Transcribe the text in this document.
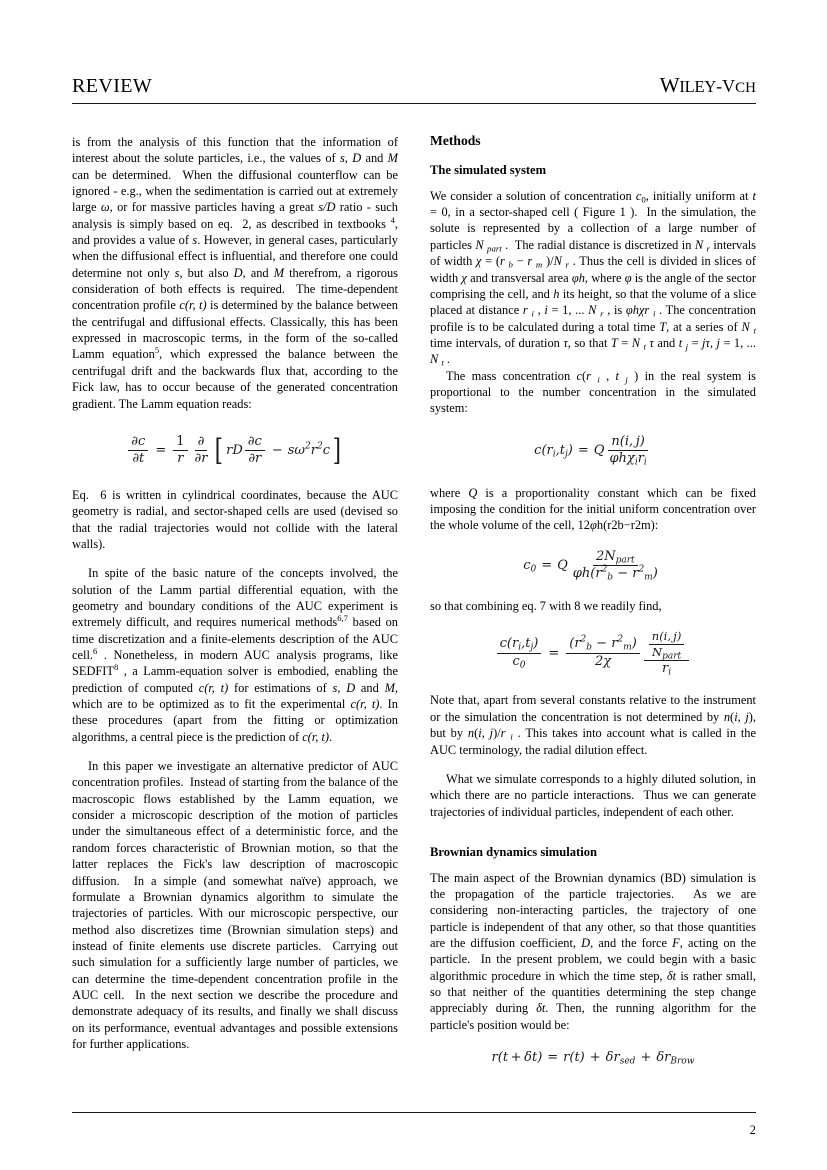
REVIEW	WILEY-VCH

is from the analysis of this function that the information of interest about the solute particles, i.e., the values of s, D and M can be determined.  When the diffusional counterflow can be ignored - e.g., when the sedimentation is carried out at extremely large ω, or for massive particles having a great s/D ratio - such analysis is simply based on eq.  2, as described in textbooks $^4$, and provides a value of s. However, in general cases, particularly when the diffusional effect is influential, and therefore one could determine not only s, but also D, and M therefrom, a rigorous consideration of both effects is required.  The time-dependent concentration profile c(r, t) is determined by the balance between the centrifugal and diffusional effects. Classically, this has been expressed in macroscopic terms, in the form of the so-called Lamm equation$^5$, which expressed the balance between the centrifugal drift and the backwards flux that, according to the Fick law, has to occur because of the generated concentration gradient. The Lamm equation reads:

$\frac{\partial c}{\partial t} = \frac{1}{r} \frac{\partial}{\partial r}$ [ rD $\frac{\partial c}{\partial r} - s\omega^2r^2c$ ]

Eq.  6 is written in cylindrical coordinates, because the AUC geometry is radial, and sector-shaped cells are used (devised so that the radial trajectories would not collide with the lateral walls).

In spite of the basic nature of the concepts involved, the solution of the Lamm partial differential equation, with the geometry and boundary conditions of the AUC experiment is extremely difficult, and requires numerical methods$^{6,7}$ based on time discretization and a finite-elements description of the AUC cell.$^6$ . Nonetheless, in modern AUC analysis programs, like SEDFIT$^8$ , a Lamm-equation solver is embodied, enabling the prediction of computed c(r, t) for estimations of s, D and M, which are to be optimized as to fit the experimental c(r, t). In these procedures (apart from the fitting or optimization algorithms, a central piece is the prediction of c(r, t).

In this paper we investigate an alternative predictor of AUC concentration profiles.  Instead of starting from the balance of the macroscopic flows established by the Lamm equation, we consider a microscopic description of the motion of particles under the simultaneous effect of a deterministic force, and the random forces characteristic of Brownian motion, so that the latter replaces the Fick's law description of macroscopic diffusion.  In a simple (and somewhat naïve) approach, we formulate a Brownian dynamics algorithm to simulate the trajectories of particles. With our microscopic perspective, our method also discretizes time (Brownian simulation steps) and instead of finite elements use discrete particles.  Carrying out such simulation for a sufficiently large number of particles, we can determine the time-dependent concentration profile in the AUC cell.  In the next section we describe the procedure and demonstrate adequacy of its results, and finally we shall discuss on its performance, eventual advantages and possible extensions for further applications.

Methods
The simulated system

We consider a solution of concentration $c_0$, initially uniform at t = 0, in a sector-shaped cell ( Figure 1 ).  In the simulation, the solute is represented by a collection of a large number of particles N $_{part}$ .  The radial distance is discretized in N $_r$ intervals of width χ = (r $_b$ − r $_m$ )/N $_r$ . Thus the cell is divided in slices of width χ and transversal area φh, where φ is the angle of the sector comprising the cell, and h its height, so that the volume of a slice placed at distance r $_i$ , i = 1, ... N $_r$ , is φhχr $_i$ . The concentration profile is to be calculated during a total time T, at a series of N $_t$ time intervals, of duration τ, so that T = N $_t$ τ and t $_j$ = jτ, j = 1, ... N $_t$ .

The mass concentration c(r $_i$ , t $_j$ ) in the real system is proportional to the number concentration in the simulated system:

$c(r_i,t_j) = Q \frac{n(i, j)}{\varphi h\chi_ir_i}$

where Q is a proportionality constant which can be fixed imposing the condition for the initial uniform concentration over the whole volume of the cell, 12φh(r2b−r2m):

$c_0 = Q \frac{2N_{part}}{\varphi h(r^2_b - r^2_m)}$

so that combining eq. 7 with 8 we readily find,

$\frac{c(r_i,t_j)}{c_0} = \frac{(r^2_b - r^2_m)}{2\chi} \frac{\frac{n(i, j)}{N_{part}}}{r_i}$

Note that, apart from several constants relative to the instrument or the simulation the concentration is not determined by n(i, j), but by n(i, j)/r $_i$ . This takes into account what is called in the AUC terminology, the radial dilution effect.

What we simulate corresponds to a highly diluted solution, in which there are no particle interactions.  Thus we can generate trajectories of individual particles, independent of each other.

Brownian dynamics simulation

The main aspect of the Brownian dynamics (BD) simulation is the propagation of the particle trajectories.  As we are considering non-interacting particles, the trajectory of one particle is independent of that any other, so that those quantities are the diffusion coefficient, D, and the force F, acting on the particle.  In the present problem, we could begin with a basic algorithmic procedure in which the time step, δt is rather small, so that neither of the quantities determining the step change appreciably during δt. Then, the running algorithm for the particle's position would be:

$r(t + \delta t) = r(t) + \delta r_{sed} + \delta r_{Brow}$
2
